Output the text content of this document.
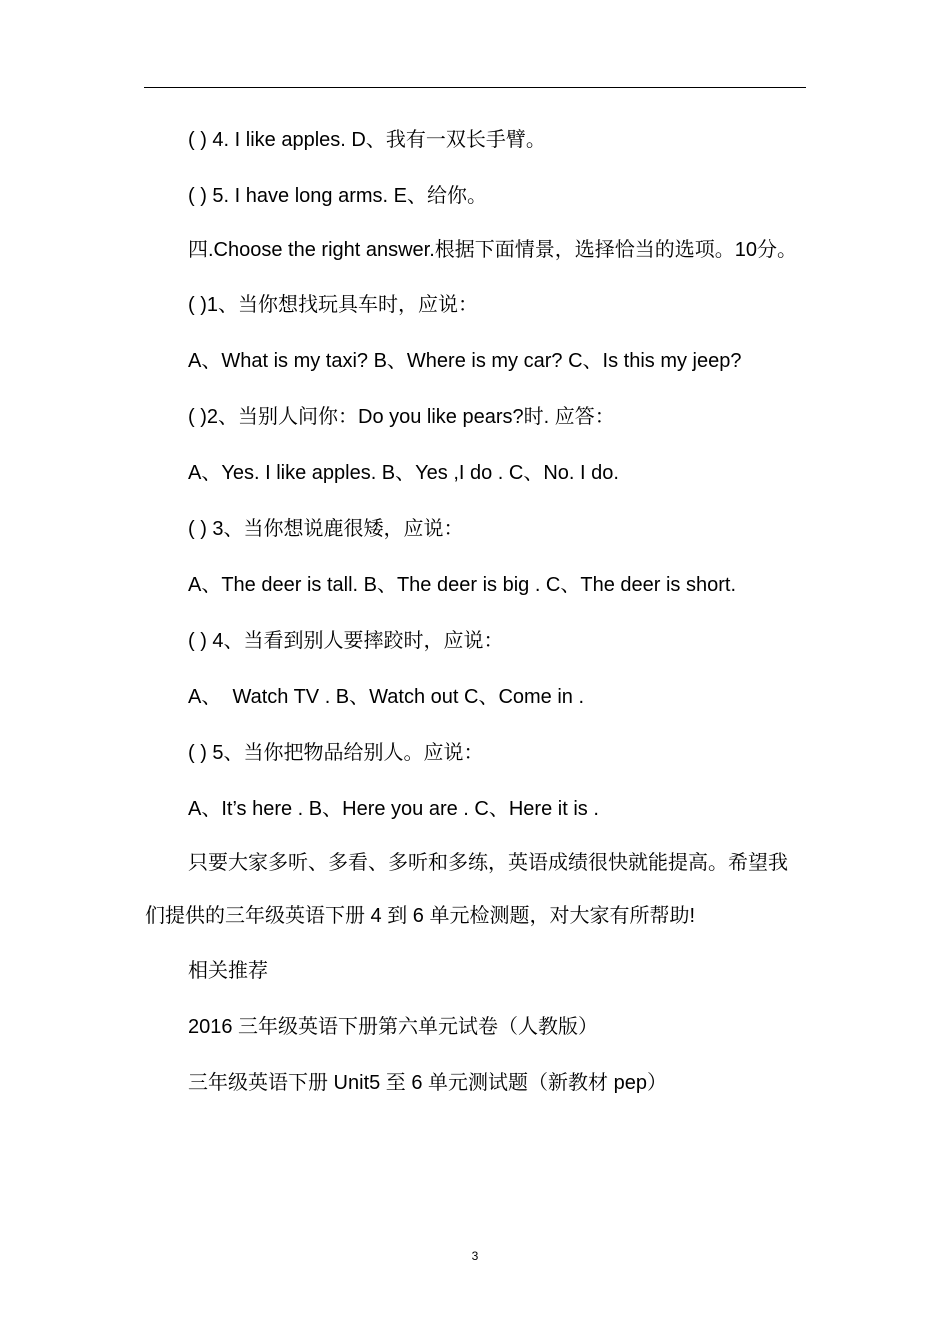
( ) 4. I like apples. D、我有一双长手臂。

( ) 5. I have long arms. E、给你。

四.Choose the right answer.根据下面情景，选择恰当的选项。10分。

( )1、当你想找玩具车时，应说：

A、What is my taxi? B、Where is my car? C、Is this my jeep?

( )2、当别人问你：Do you like pears?时. 应答：

A、Yes. I like apples. B、Yes ,I do . C、No. I do.

( ) 3、当你想说鹿很矮，应说：

A、The deer is tall. B、The deer is big . C、The deer is short.

( ) 4、当看到别人要摔跤时，应说：

A、  Watch TV . B、Watch out C、Come in .

( ) 5、当你把物品给别人。应说：

A、It’s here . B、Here you are . C、Here it is .

只要大家多听、多看、多听和多练，英语成绩很快就能提高。希望我们提供的三年级英语下册 4 到 6 单元检测题，对大家有所帮助!

相关推荐

2016 三年级英语下册第六单元试卷（人教版）

三年级英语下册 Unit5 至 6 单元测试题（新教材 pep）

3
